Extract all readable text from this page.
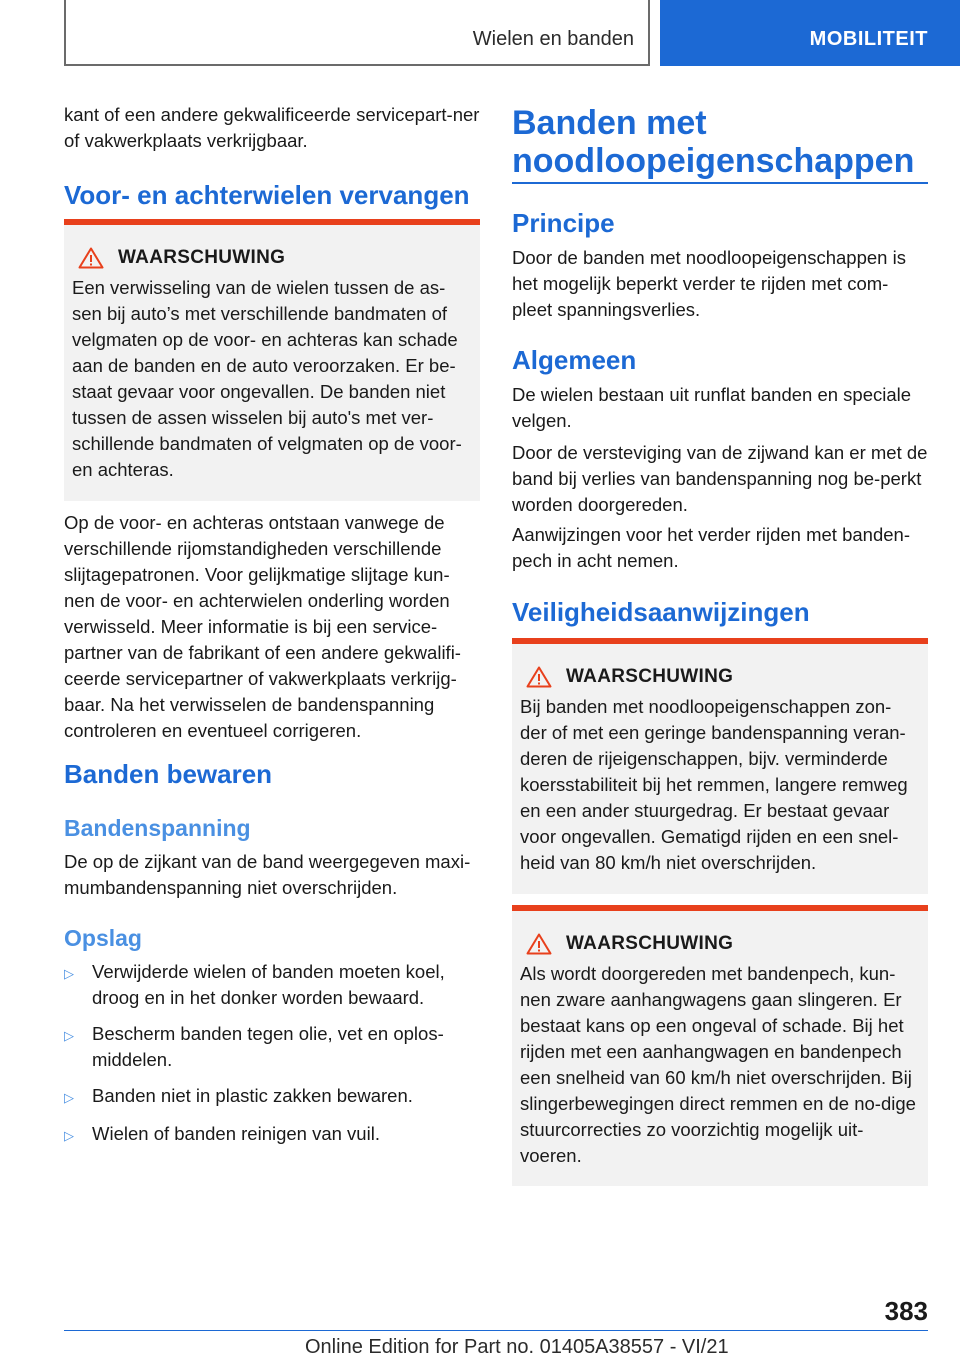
Wielen en banden	MOBILITEIT

kant of een andere gekwalificeerde servicepart-ner of vakwerkplaats verkrijgbaar.

Voor- en achterwielen vervangen
WAARSCHUWING

Een verwisseling van de wielen tussen de as-sen bij auto’s met verschillende bandmaten of velgmaten op de voor- en achteras kan schade aan de banden en de auto veroorzaken. Er be-staat gevaar voor ongevallen. De banden niet tussen de assen wisselen bij auto's met ver-schillende bandmaten of velgmaten op de voor- en achteras.

Op de voor- en achteras ontstaan vanwege de verschillende rijomstandigheden verschillende slijtagepatronen. Voor gelijkmatige slijtage kun-nen de voor- en achterwielen onderling worden verwisseld. Meer informatie is bij een service-partner van de fabrikant of een andere gekwalifi-ceerde servicepartner of vakwerkplaats verkrijg-baar. Na het verwisselen de bandenspanning controleren en eventueel corrigeren.

Banden bewaren
Bandenspanning

De op de zijkant van de band weergegeven maxi-mumbandenspanning niet overschrijden.

Opslag
▷ Verwijderde wielen of banden moeten koel, droog en in het donker worden bewaard.
▷ Bescherm banden tegen olie, vet en oplos-middelen.
▷ Banden niet in plastic zakken bewaren.
▷ Wielen of banden reinigen van vuil.
Banden met
noodloopeigenschappen
Principe

Door de banden met noodloopeigenschappen is het mogelijk beperkt verder te rijden met com-pleet spanningsverlies.

Algemeen

De wielen bestaan uit runflat banden en speciale velgen.

Door de versteviging van de zijwand kan er met de band bij verlies van bandenspanning nog be-perkt worden doorgereden.

Aanwijzingen voor het verder rijden met banden-pech in acht nemen.

Veiligheidsaanwijzingen
WAARSCHUWING

Bij banden met noodloopeigenschappen zon-der of met een geringe bandenspanning veran-deren de rijeigenschappen, bijv. verminderde koersstabiliteit bij het remmen, langere remweg en een ander stuurgedrag. Er bestaat gevaar voor ongevallen. Gematigd rijden en een snel-heid van 80 km/h niet overschrijden.

WAARSCHUWING

Als wordt doorgereden met bandenpech, kun-nen zware aanhangwagens gaan slingeren. Er bestaat kans op een ongeval of schade. Bij het rijden met een aanhangwagen en bandenpech een snelheid van 60 km/h niet overschrijden. Bij slingerbewegingen direct remmen en de no-dige stuurcorrecties zo voorzichtig mogelijk uit-voeren.

383
Online Edition for Part no. 01405A38557 - VI/21
